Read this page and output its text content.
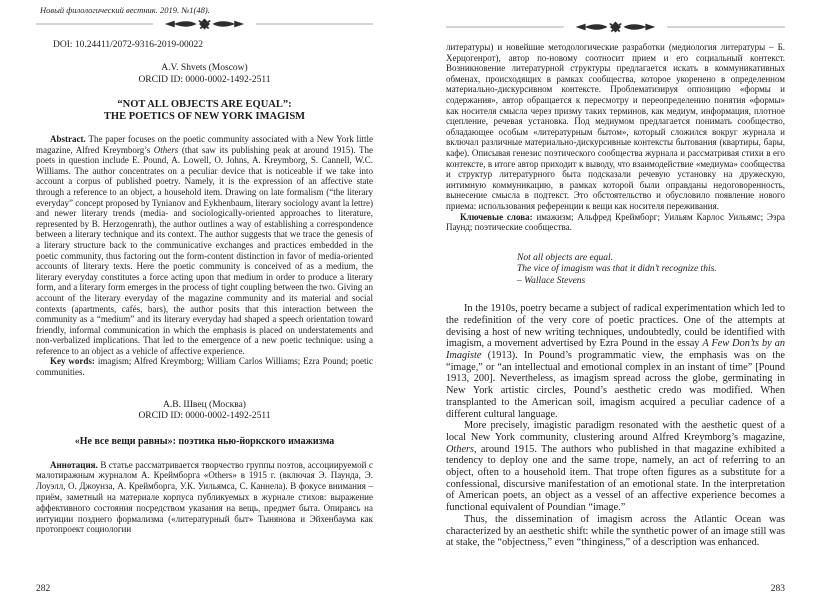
Новый филологический вестник. 2019. №1(48).

DOI: 10.24411/2072-9316-2019-00022

A.V. Shvets (Moscow)

ORCID ID: 0000-0002-1492-2511

“NOT ALL OBJECTS ARE EQUAL”:

THE POETICS OF NEW YORK IMAGISM

Abstract. The paper focuses on the poetic community associated with a New York little magazine, Alfred Kreymborg’s Others (that saw its publishing peak at around 1915). The poets in question include E. Pound, A. Lowell, O. Johns, A. Kreymborg, S. Cannell, W.C. Williams. The author concentrates on a peculiar device that is noticeable if we take into account a corpus of published poetry. Namely, it is the expression of an affective state through a reference to an object, a household item. Drawing on late formalism (“the literary everyday” concept proposed by Tynianov and Eykhenbaum, literary sociology avant la lettre) and newer literary trends (media- and sociologically-oriented approaches to literature, represented by B. Herzogenrath), the author outlines a way of establishing a correspondence between a literary technique and its context. The author suggests that we trace the genesis of a literary structure back to the communicative exchanges and practices embedded in the poetic community, thus factoring out the form-content distinction in favor of media-oriented accounts of literary texts. Here the poetic community is conceived of as a medium, the literary everyday constitutes a force acting upon that medium in order to produce a literary form, and a literary form emerges in the process of tight coupling between the two. Giving an account of the literary everyday of the magazine community and its material and social contexts (apartments, cafés, bars), the author posits that this interaction between the community as a “medium” and its literary everyday had shaped a speech orientation toward friendly, informal communication in which the emphasis is placed on understatements and non-verbalized implications. That led to the emergence of a new poetic technique: using a reference to an object as a vehicle of affective experience.

Key words: imagism; Alfred Kreymborg; William Carlos Williams; Ezra Pound; poetic communities.

А.В. Швец (Москва)

ORCID ID: 0000-0002-1492-2511

«Не все вещи равны»: поэтика нью-йоркского имажизма

Аннотация. В статье рассматривается творчество группы поэтов, ассоциируемой с малотиражным журналом А. Креймборга «Others» в 1915 г. (включая Э. Паунда, Э. Лоуэлл, О. Джоунза, А. Креймборга, У.К. Уильямса, С. Каннела). В фокусе внимания – приём, заметный на материале корпуса публикуемых в журнале стихов: выражение аффективного состояния посредством указания на вещь, предмет быта. Опираясь на интуиции позднего формализма («литературный быт» Тынянова и Эйхенбаума как протопроект социологии

282

литературы) и новейшие методологические разработки (медиология литературы – Б. Херцогенрот), автор по-новому соотносит прием и его социальный контекст. Возникновение литературной структуры предлагается искать в коммуникативных обменах, происходящих в рамках сообщества, которое укоренено в определенном материально-дискурсивном контексте. Проблематизируя оппозицию «формы и содержания», автор обращается к пересмотру и переопределению понятия «формы» как носителя смысла через призму таких терминов, как медиум, информация, плотное сцепление, речевая установка. Под медиумом предлагается понимать сообщество, обладающее особым «литературным бытом», который сложился вокруг журнала и включал различные материально-дискурсивные контексты бытования (квартиры, бары, кафе). Описывая генезис поэтического сообщества журнала и рассматривая стихи в его контексте, в итоге автор приходит к выводу, что взаимодействие «медиума» сообщества и структур литературного быта подсказали речевую установку на дружескую, интимную коммуникацию, в рамках которой были оправданы недоговоренность, вынесение смысла в подтекст. Это обстоятельство и обусловило появление нового приема: использования референции к вещи как носителя переживания.

Ключевые слова: имажизм; Альфред Креймборг; Уильям Карлос Уильямс; Эзра Паунд; поэтические сообщества.

Not all objects are equal.

The vice of imagism was that it didn’t recognize this.

– Wallace Stevens

In the 1910s, poetry became a subject of radical experimentation which led to the redefinition of the very core of poetic practices. One of the attempts at devising a host of new writing techniques, undoubtedly, could be identified with imagism, a movement advertised by Ezra Pound in the essay A Few Don’ts by an Imagiste (1913). In Pound’s programmatic view, the emphasis was on the “image,” or “an intellectual and emotional complex in an instant of time” [Pound 1913, 200]. Nevertheless, as imagism spread across the globe, germinating in New York artistic circles, Pound’s aesthetic credo was modified. When transplanted to the American soil, imagism acquired a peculiar cadence of a different cultural language.

More precisely, imagistic paradigm resonated with the aesthetic quest of a local New York community, clustering around Alfred Kreymborg’s magazine, Others, around 1915. The authors who published in that magazine exhibited a tendency to deploy one and the same trope, namely, an act of referring to an object, often to a household item. That trope often figures as a substitute for a confessional, discursive manifestation of an emotional state. In the interpretation of American poets, an object as a vessel of an affective experience becomes a functional equivalent of Poundian “image.”

Thus, the dissemination of imagism across the Atlantic Ocean was characterized by an aesthetic shift: while the synthetic power of an image still was at stake, the “objectness,” even “thinginess,” of a description was enhanced.

283
